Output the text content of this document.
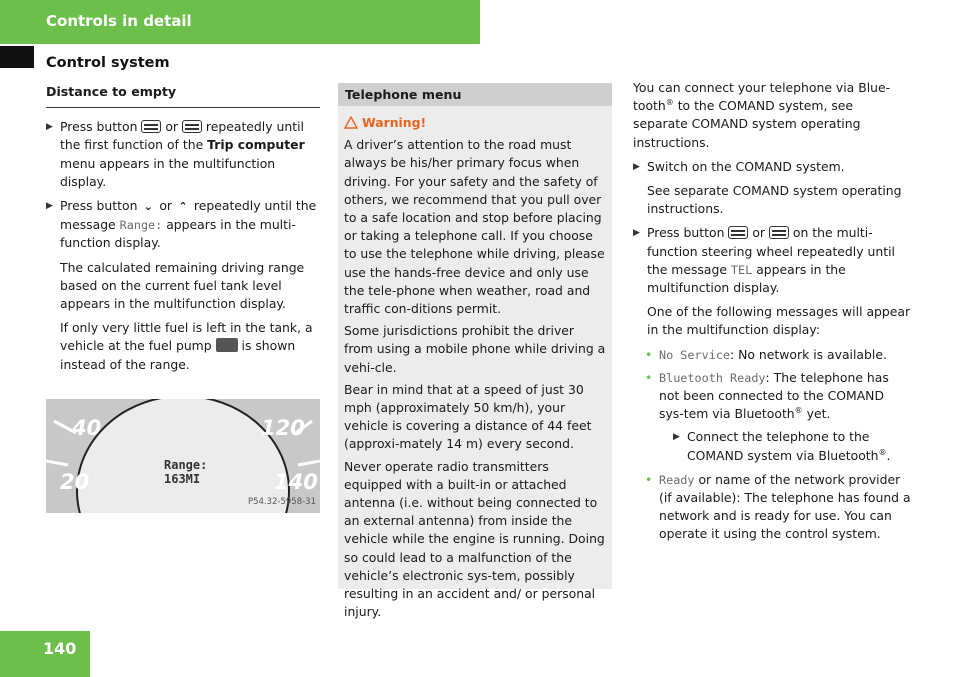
Controls in detail
Control system
Distance to empty
▶ Press button or repeatedly until the first function of the Trip computer menu appears in the multifunction display.
▶ Press button ⌄ or ⌃ repeatedly until the message Range: appears in the multi-function display.
The calculated remaining driving range based on the current fuel tank level appears in the multifunction display.
If only very little fuel is left in the tank, a vehicle at the fuel pump is shown instead of the range.
40
20
120
140
Range:
163MI
P54.32-5958-31
Telephone menu
Warning!

A driver’s attention to the road must always be his/her primary focus when driving. For your safety and the safety of others, we recommend that you pull over to a safe location and stop before placing or taking a telephone call. If you choose to use the telephone while driving, please use the hands-free device and only use the tele-phone when weather, road and traffic con-ditions permit.

Some jurisdictions prohibit the driver from using a mobile phone while driving a vehi-cle.

Bear in mind that at a speed of just 30 mph (approximately 50 km/h), your vehicle is covering a distance of 44 feet (approxi-mately 14 m) every second.

Never operate radio transmitters equipped with a built-in or attached antenna (i.e. without being connected to an external antenna) from inside the vehicle while the engine is running. Doing so could lead to a malfunction of the vehicle’s electronic sys-tem, possibly resulting in an accident and/ or personal injury.

You can connect your telephone via Blue-tooth® to the COMAND system, see separate COMAND system operating instructions.

▶ Switch on the COMAND system.
See separate COMAND system operating instructions.
▶ Press button or on the multi-function steering wheel repeatedly until the message TEL appears in the multifunction display.
One of the following messages will appear in the multifunction display:
• No Service: No network is available.
• Bluetooth Ready: The telephone has not been connected to the COMAND sys-tem via Bluetooth® yet.
▶ Connect the telephone to the COMAND system via Bluetooth®.
• Ready or name of the network provider (if available): The telephone has found a network and is ready for use. You can operate it using the control system.
140
